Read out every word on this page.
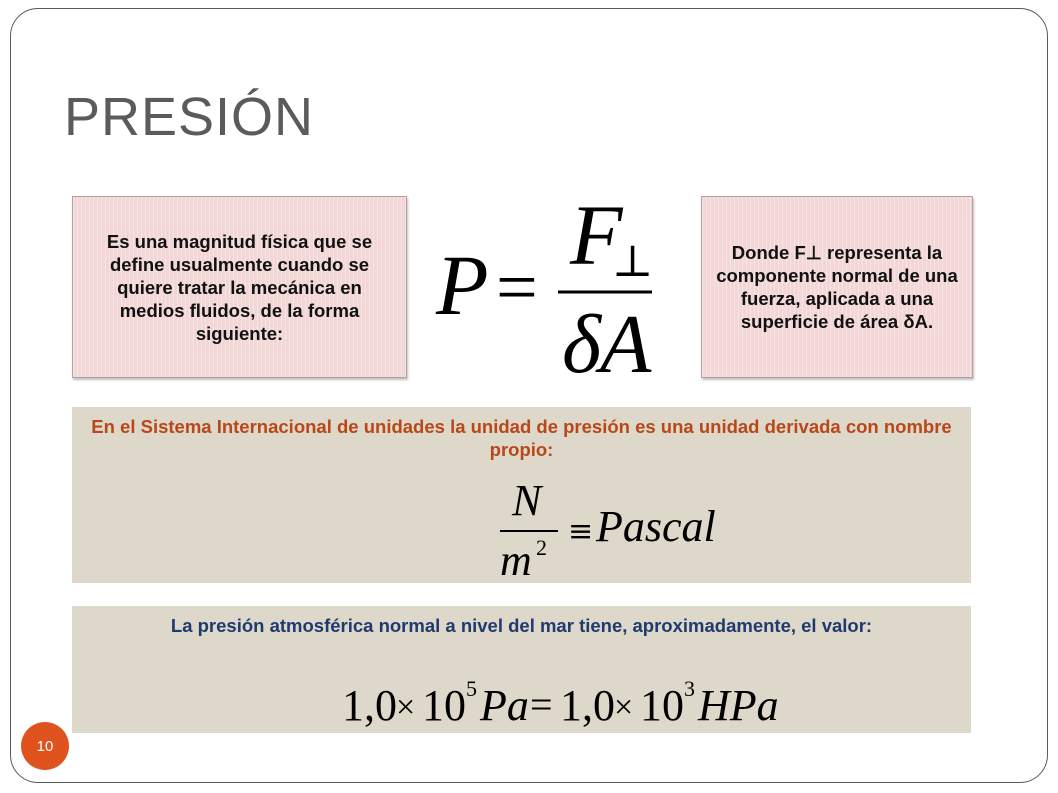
PRESIÓN
Es una magnitud física que se define usualmente cuando se quiere tratar la mecánica en medios fluidos, de la forma siguiente:	P =
F
⊥
δ
A
Donde F⊥ representa la componente normal de una fuerza, aplicada a una superficie de área δA.
En el Sistema Internacional de unidades la unidad de presión es una unidad derivada con nombre propio:
N
m 2 ≡ Pascal
La presión atmosférica normal a nivel del mar tiene, aproximadamente, el valor:
1,0 × 10 5 Pa = 1,0 × 10 3 HPa
10
